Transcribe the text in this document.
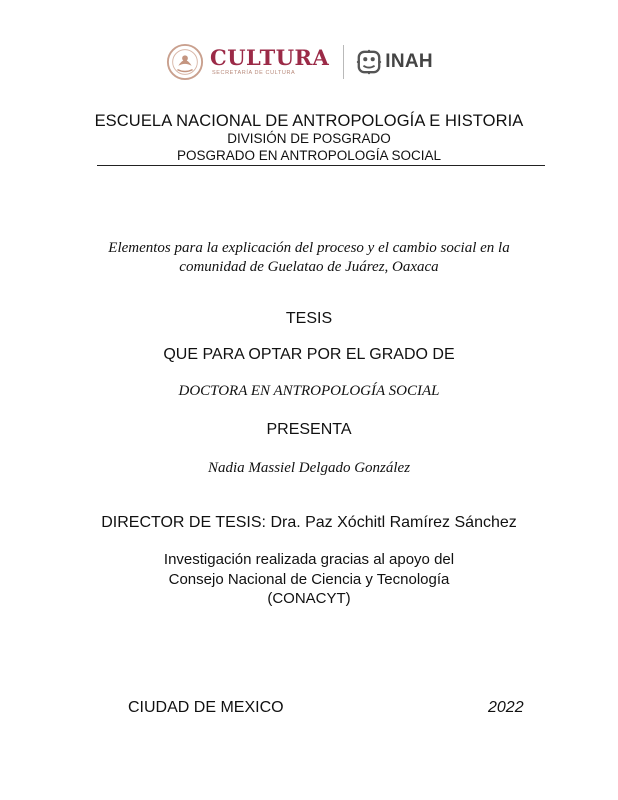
CULTURA
SECRETARÍA DE CULTURA
INAH
ESCUELA NACIONAL DE ANTROPOLOGÍA E HISTORIA
DIVISIÓN DE POSGRADO
POSGRADO EN ANTROPOLOGÍA SOCIAL
Elementos para la explicación del proceso y el cambio social en la
comunidad de Guelatao de Juárez, Oaxaca
TESIS
QUE PARA OPTAR POR EL GRADO DE
DOCTORA EN ANTROPOLOGÍA SOCIAL
PRESENTA
Nadia Massiel Delgado González
DIRECTOR DE TESIS: Dra. Paz Xóchitl Ramírez Sánchez
Investigación realizada gracias al apoyo del
Consejo Nacional de Ciencia y Tecnología
(CONACYT)
CIUDAD DE MEXICO	2022
